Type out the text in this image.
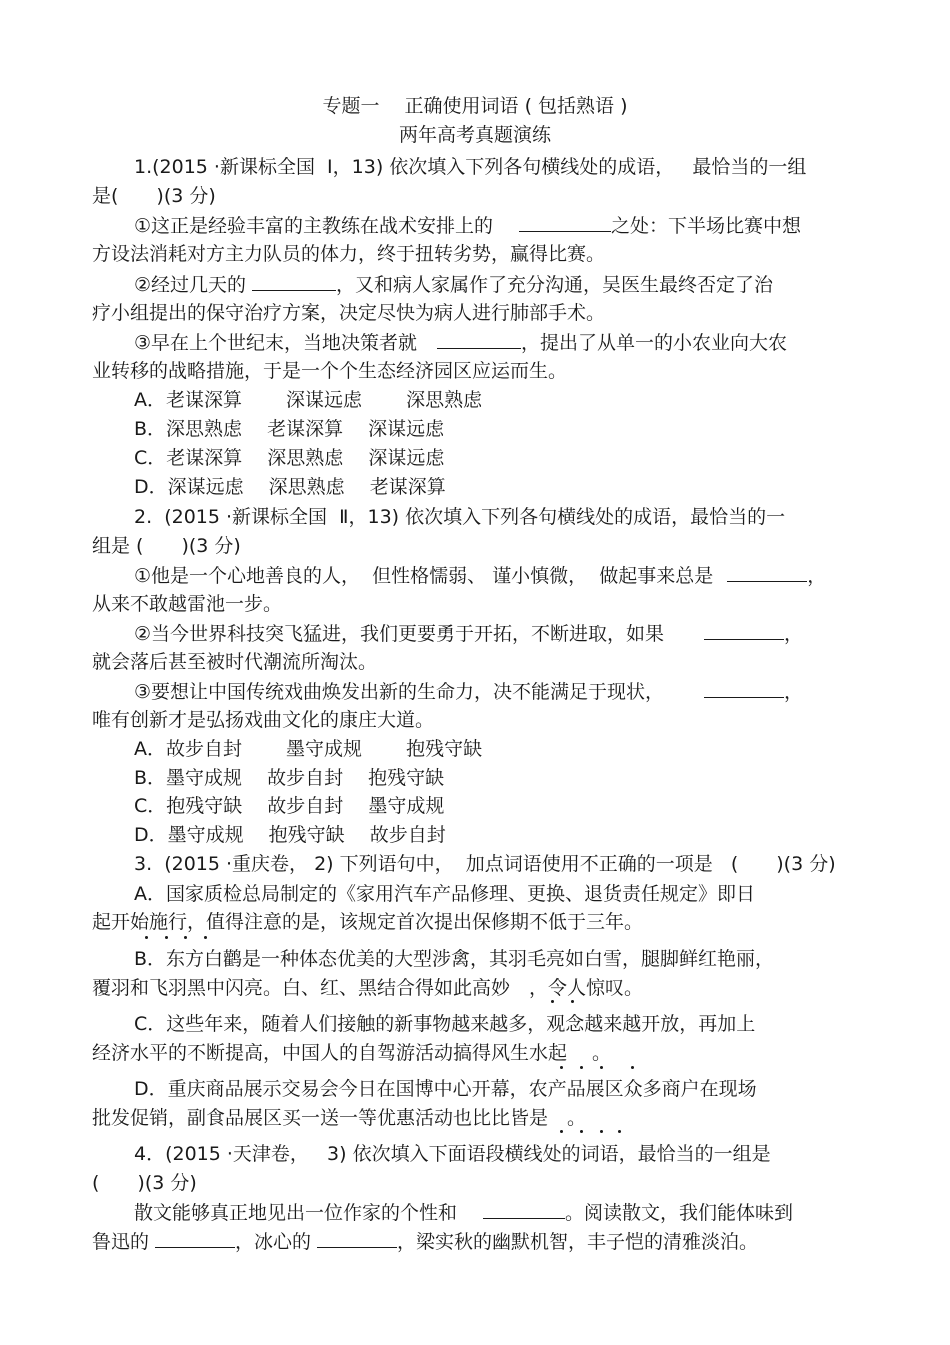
专题一　 正确使用词语 ( 包括熟语 )
两年高考真题演练
1.(2015 ·新课标全国  Ⅰ，13) 依次填入下列各句横线处的成语，   最恰当的一组
是(　　)(3 分)
①这正是经验丰富的主教练在战术安排上的	之处：下半场比赛中想
方设法消耗对方主力队员的体力，终于扭转劣势，赢得比赛。
②经过几天的	，又和病人家属作了充分沟通，吴医生最终否定了治
疗小组提出的保守治疗方案，决定尽快为病人进行肺部手术。
③早在上个世纪末，当地决策者就	，提出了从单一的小农业向大农
业转移的战略措施，于是一个个生态经济园区应运而生。
A．老谋深算　　 深谋远虑　　 深思熟虑
B．深思熟虑　 老谋深算　 深谋远虑
C．老谋深算　 深思熟虑　 深谋远虑
D．深谋远虑　 深思熟虑　 老谋深算
2.  (2015 ·新课标全国  Ⅱ，13) 依次填入下列各句横线处的成语，最恰当的一
组是 (　　)(3 分)
①他是一个心地善良的人，  但性格懦弱、 谨小慎微，  做起事来总是	，
从来不敢越雷池一步。
②当今世界科技突飞猛进，我们更要勇于开拓，不断进取，如果	，
就会落后甚至被时代潮流所淘汰。
③要想让中国传统戏曲焕发出新的生命力，决不能满足于现状，	，
唯有创新才是弘扬戏曲文化的康庄大道。
A．故步自封　　 墨守成规　　 抱残守缺
B．墨守成规　 故步自封　 抱残守缺
C．抱残守缺　 故步自封　 墨守成规
D．墨守成规　 抱残守缺　 故步自封
3.  (2015 ·重庆卷， 2) 下列语句中，  加点词语使用不正确的一项是   (　　)(3 分)
A．国家质检总局制定的《家用汽车产品修理、更换、退货责任规定》即日
起开始施行，值得注意的是，该规定首次提出保修期不低于三年。
B．东方白鹳是一种体态优美的大型涉禽，其羽毛亮如白雪，腿脚鲜红艳丽，
覆羽和飞羽黑中闪亮。白、红、黑结合得如此高妙　，令人惊叹。
C．这些年来，随着人们接触的新事物越来越多，观念越来越开放，再加上
经济水平的不断提高，中国人的自驾游活动搞得风生水起　 。
D．重庆商品展示交易会今日在国博中心开幕，农产品展区众多商户在现场
批发促销，副食品展区买一送一等优惠活动也比比皆是　。
4．(2015 ·天津卷，   3) 依次填入下面语段横线处的词语，最恰当的一组是
(　　)(3 分)
散文能够真正地见出一位作家的个性和	。阅读散文，我们能体味到
鲁迅的	，冰心的	，梁实秋的幽默机智，丰子恺的清雅淡泊。
